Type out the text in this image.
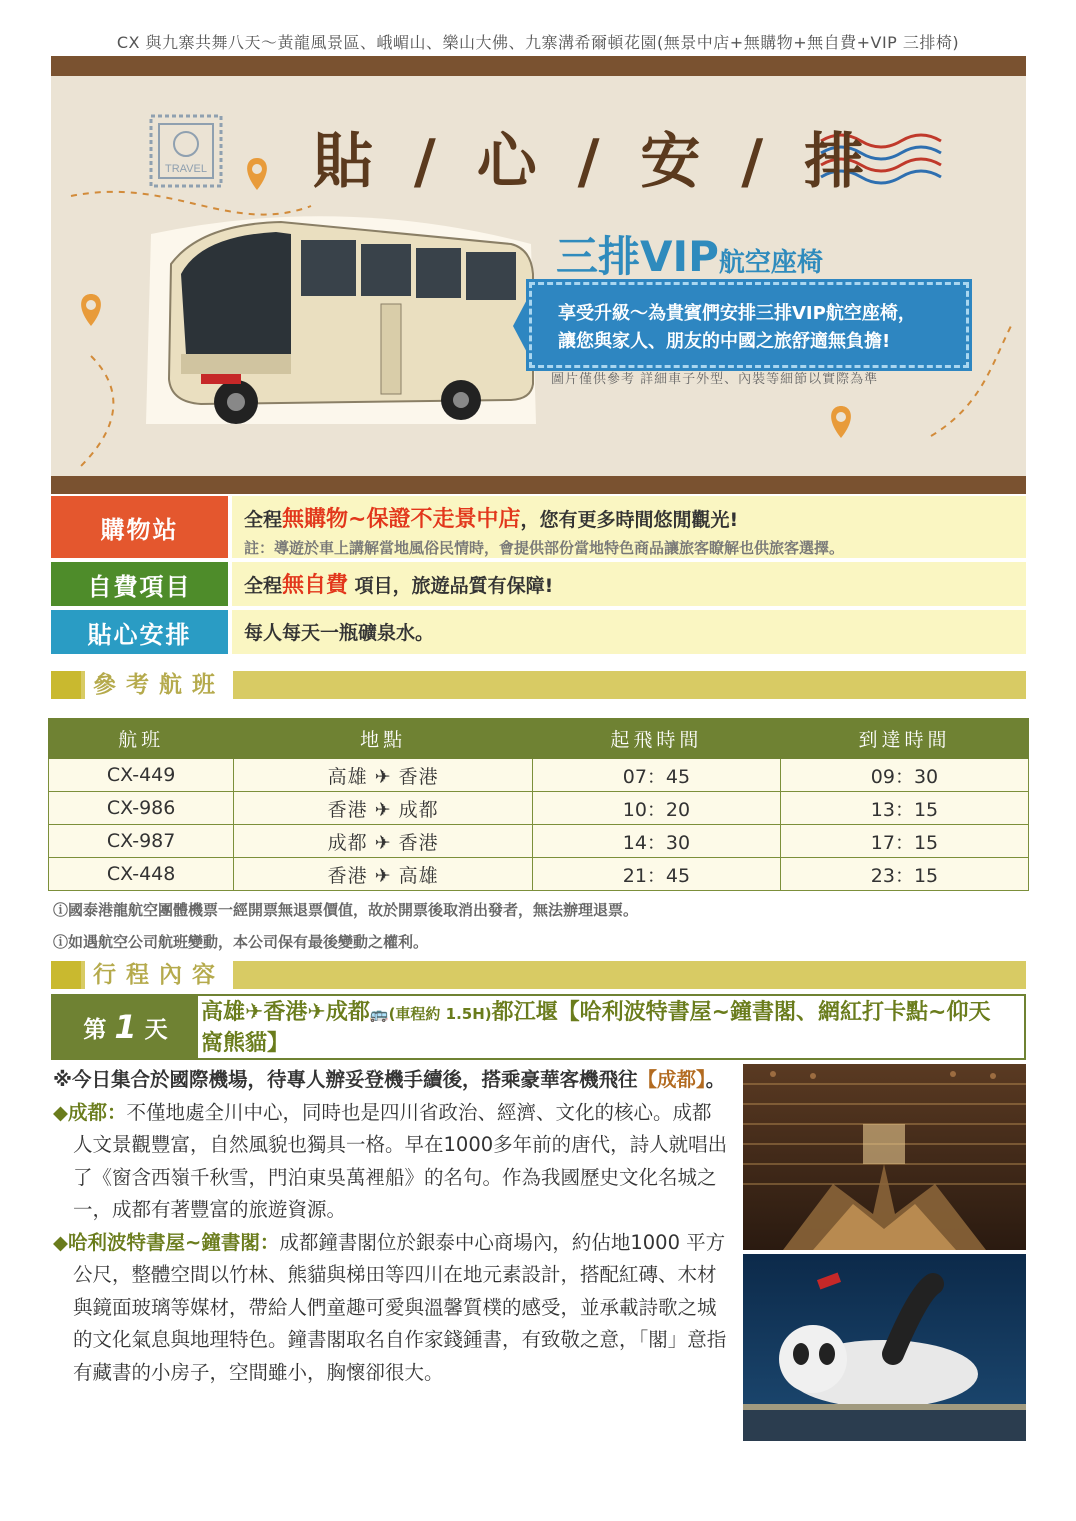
CX 與九寨共舞八天～黃龍風景區、峨嵋山、樂山大佛、九寨溝希爾頓花園(無景中店+無購物+無自費+VIP 三排椅)
TRAVEL 貼 / 心 / 安 / 排
三排VIP航空座椅
享受升級～為貴賓們安排三排VIP航空座椅，
讓您與家人、朋友的中國之旅舒適無負擔!
圖片僅供參考 詳細車子外型、內裝等細節以實際為準
購物站	全程無購物~保證不走景中店，您有更多時間悠閒觀光!
註：導遊於車上講解當地風俗民情時，會提供部份當地特色商品讓旅客瞭解也供旅客選擇。
自費項目	全程無自費 項目，旅遊品質有保障!
貼心安排	每人每天一瓶礦泉水。
參考航班
航班	地點	起飛時間	到達時間
CX-449	高雄 ✈ 香港	07：45	09：30
CX-986	香港 ✈ 成都	10：20	13：15
CX-987	成都 ✈ 香港	14：30	17：15
CX-448	香港 ✈ 高雄	21：45	23：15
ⓘ國泰港龍航空團體機票一經開票無退票價值，故於開票後取消出發者，無法辦理退票。
ⓘ如遇航空公司航班變動，本公司保有最後變動之權利。
行程內容
第 1 天
高雄✈香港✈成都🚌(車程約 1.5H)都江堰【哈利波特書屋~鐘書閣、網紅打卡點~仰天窩熊貓】

※今日集合於國際機場，待專人辦妥登機手續後，搭乘豪華客機飛往【成都】。

◆成都：不僅地處全川中心，同時也是四川省政治、經濟、文化的核心。成都人文景觀豐富，自然風貌也獨具一格。早在1000多年前的唐代，詩人就唱出了《窗含西嶺千秋雪，門泊東吳萬裡船》的名句。作為我國歷史文化名城之一，成都有著豐富的旅遊資源。

◆哈利波特書屋~鐘書閣：成都鐘書閣位於銀泰中心商場內，約佔地1000 平方公尺，整體空間以竹林、熊貓與梯田等四川在地元素設計，搭配紅磚、木材與鏡面玻璃等媒材，帶給人們童趣可愛與溫馨質樸的感受，並承載詩歌之城的文化氣息與地理特色。鐘書閣取名自作家錢鍾書，有致敬之意，「閣」意指有藏書的小房子，空間雖小，胸懷卻很大。
